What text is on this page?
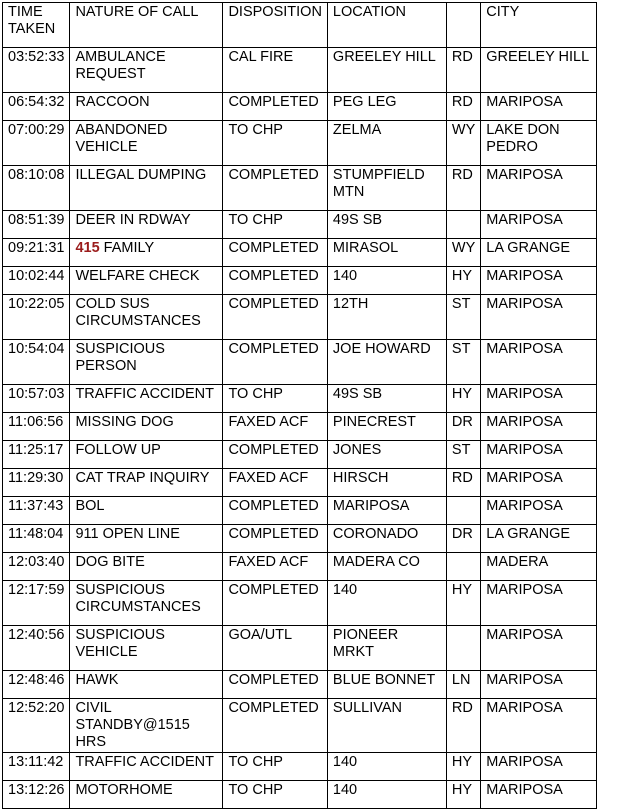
TIME
TAKEN	NATURE OF CALL	DISPOSITION	LOCATION		CITY
03:52:33	AMBULANCE
REQUEST	CAL FIRE	GREELEY HILL	RD	GREELEY HILL
06:54:32	RACCOON	COMPLETED	PEG LEG	RD	MARIPOSA
07:00:29	ABANDONED
VEHICLE	TO CHP	ZELMA	WY	LAKE DON
PEDRO
08:10:08	ILLEGAL DUMPING	COMPLETED	STUMPFIELD
MTN	RD	MARIPOSA
08:51:39	DEER IN RDWAY	TO CHP	49S SB		MARIPOSA
09:21:31	415 FAMILY	COMPLETED	MIRASOL	WY	LA GRANGE
10:02:44	WELFARE CHECK	COMPLETED	140	HY	MARIPOSA
10:22:05	COLD SUS
CIRCUMSTANCES	COMPLETED	12TH	ST	MARIPOSA
10:54:04	SUSPICIOUS
PERSON	COMPLETED	JOE HOWARD	ST	MARIPOSA
10:57:03	TRAFFIC ACCIDENT	TO CHP	49S SB	HY	MARIPOSA
11:06:56	MISSING DOG	FAXED ACF	PINECREST	DR	MARIPOSA
11:25:17	FOLLOW UP	COMPLETED	JONES	ST	MARIPOSA
11:29:30	CAT TRAP INQUIRY	FAXED ACF	HIRSCH	RD	MARIPOSA
11:37:43	BOL	COMPLETED	MARIPOSA		MARIPOSA
11:48:04	911 OPEN LINE	COMPLETED	CORONADO	DR	LA GRANGE
12:03:40	DOG BITE	FAXED ACF	MADERA CO		MADERA
12:17:59	SUSPICIOUS
CIRCUMSTANCES	COMPLETED	140	HY	MARIPOSA
12:40:56	SUSPICIOUS
VEHICLE	GOA/UTL	PIONEER MRKT		MARIPOSA
12:48:46	HAWK	COMPLETED	BLUE BONNET	LN	MARIPOSA
12:52:20	CIVIL
STANDBY@1515 HRS	COMPLETED	SULLIVAN	RD	MARIPOSA
13:11:42	TRAFFIC ACCIDENT	TO CHP	140	HY	MARIPOSA
13:12:26	MOTORHOME	TO CHP	140	HY	MARIPOSA
